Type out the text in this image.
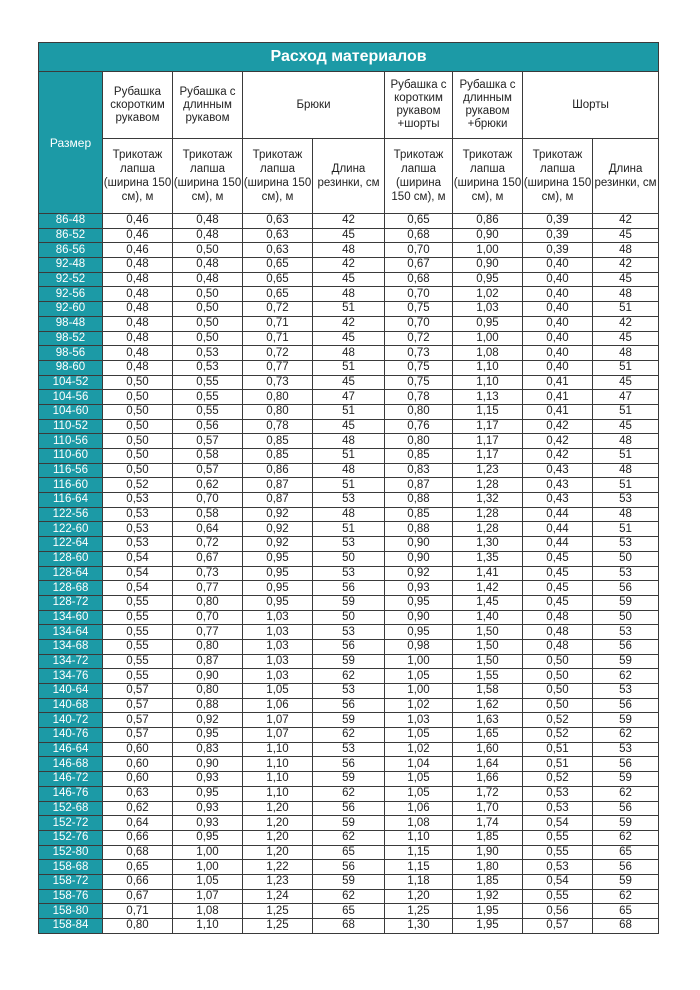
Расход материалов								
Размер	Рубашка скоротким рукавом	Рубашка с длинным рукавом	Брюки		Рубашка с коротким рукавом +шорты	Рубашка с длинным рукавом +брюки	Шорты	
	Трикотаж лапша (ширина 150 см), м	Трикотаж лапша (ширина 150 см), м	Трикотаж лапша (ширина 150 см), м	Длина резинки, см	Трикотаж лапша (ширина 150 см), м	Трикотаж лапша (ширина 150 см), м	Трикотаж лапша (ширина 150 см), м	Длина резинки, см
86-48	0,46	0,48	0,63	42	0,65	0,86	0,39	42
86-52	0,46	0,48	0,63	45	0,68	0,90	0,39	45
86-56	0,46	0,50	0,63	48	0,70	1,00	0,39	48
92-48	0,48	0,48	0,65	42	0,67	0,90	0,40	42
92-52	0,48	0,48	0,65	45	0,68	0,95	0,40	45
92-56	0,48	0,50	0,65	48	0,70	1,02	0,40	48
92-60	0,48	0,50	0,72	51	0,75	1,03	0,40	51
98-48	0,48	0,50	0,71	42	0,70	0,95	0,40	42
98-52	0,48	0,50	0,71	45	0,72	1,00	0,40	45
98-56	0,48	0,53	0,72	48	0,73	1,08	0,40	48
98-60	0,48	0,53	0,77	51	0,75	1,10	0,40	51
104-52	0,50	0,55	0,73	45	0,75	1,10	0,41	45
104-56	0,50	0,55	0,80	47	0,78	1,13	0,41	47
104-60	0,50	0,55	0,80	51	0,80	1,15	0,41	51
110-52	0,50	0,56	0,78	45	0,76	1,17	0,42	45
110-56	0,50	0,57	0,85	48	0,80	1,17	0,42	48
110-60	0,50	0,58	0,85	51	0,85	1,17	0,42	51
116-56	0,50	0,57	0,86	48	0,83	1,23	0,43	48
116-60	0,52	0,62	0,87	51	0,87	1,28	0,43	51
116-64	0,53	0,70	0,87	53	0,88	1,32	0,43	53
122-56	0,53	0,58	0,92	48	0,85	1,28	0,44	48
122-60	0,53	0,64	0,92	51	0,88	1,28	0,44	51
122-64	0,53	0,72	0,92	53	0,90	1,30	0,44	53
128-60	0,54	0,67	0,95	50	0,90	1,35	0,45	50
128-64	0,54	0,73	0,95	53	0,92	1,41	0,45	53
128-68	0,54	0,77	0,95	56	0,93	1,42	0,45	56
128-72	0,55	0,80	0,95	59	0,95	1,45	0,45	59
134-60	0,55	0,70	1,03	50	0,90	1,40	0,48	50
134-64	0,55	0,77	1,03	53	0,95	1,50	0,48	53
134-68	0,55	0,80	1,03	56	0,98	1,50	0,48	56
134-72	0,55	0,87	1,03	59	1,00	1,50	0,50	59
134-76	0,55	0,90	1,03	62	1,05	1,55	0,50	62
140-64	0,57	0,80	1,05	53	1,00	1,58	0,50	53
140-68	0,57	0,88	1,06	56	1,02	1,62	0,50	56
140-72	0,57	0,92	1,07	59	1,03	1,63	0,52	59
140-76	0,57	0,95	1,07	62	1,05	1,65	0,52	62
146-64	0,60	0,83	1,10	53	1,02	1,60	0,51	53
146-68	0,60	0,90	1,10	56	1,04	1,64	0,51	56
146-72	0,60	0,93	1,10	59	1,05	1,66	0,52	59
146-76	0,63	0,95	1,10	62	1,05	1,72	0,53	62
152-68	0,62	0,93	1,20	56	1,06	1,70	0,53	56
152-72	0,64	0,93	1,20	59	1,08	1,74	0,54	59
152-76	0,66	0,95	1,20	62	1,10	1,85	0,55	62
152-80	0,68	1,00	1,20	65	1,15	1,90	0,55	65
158-68	0,65	1,00	1,22	56	1,15	1,80	0,53	56
158-72	0,66	1,05	1,23	59	1,18	1,85	0,54	59
158-76	0,67	1,07	1,24	62	1,20	1,92	0,55	62
158-80	0,71	1,08	1,25	65	1,25	1,95	0,56	65
158-84	0,80	1,10	1,25	68	1,30	1,95	0,57	68
